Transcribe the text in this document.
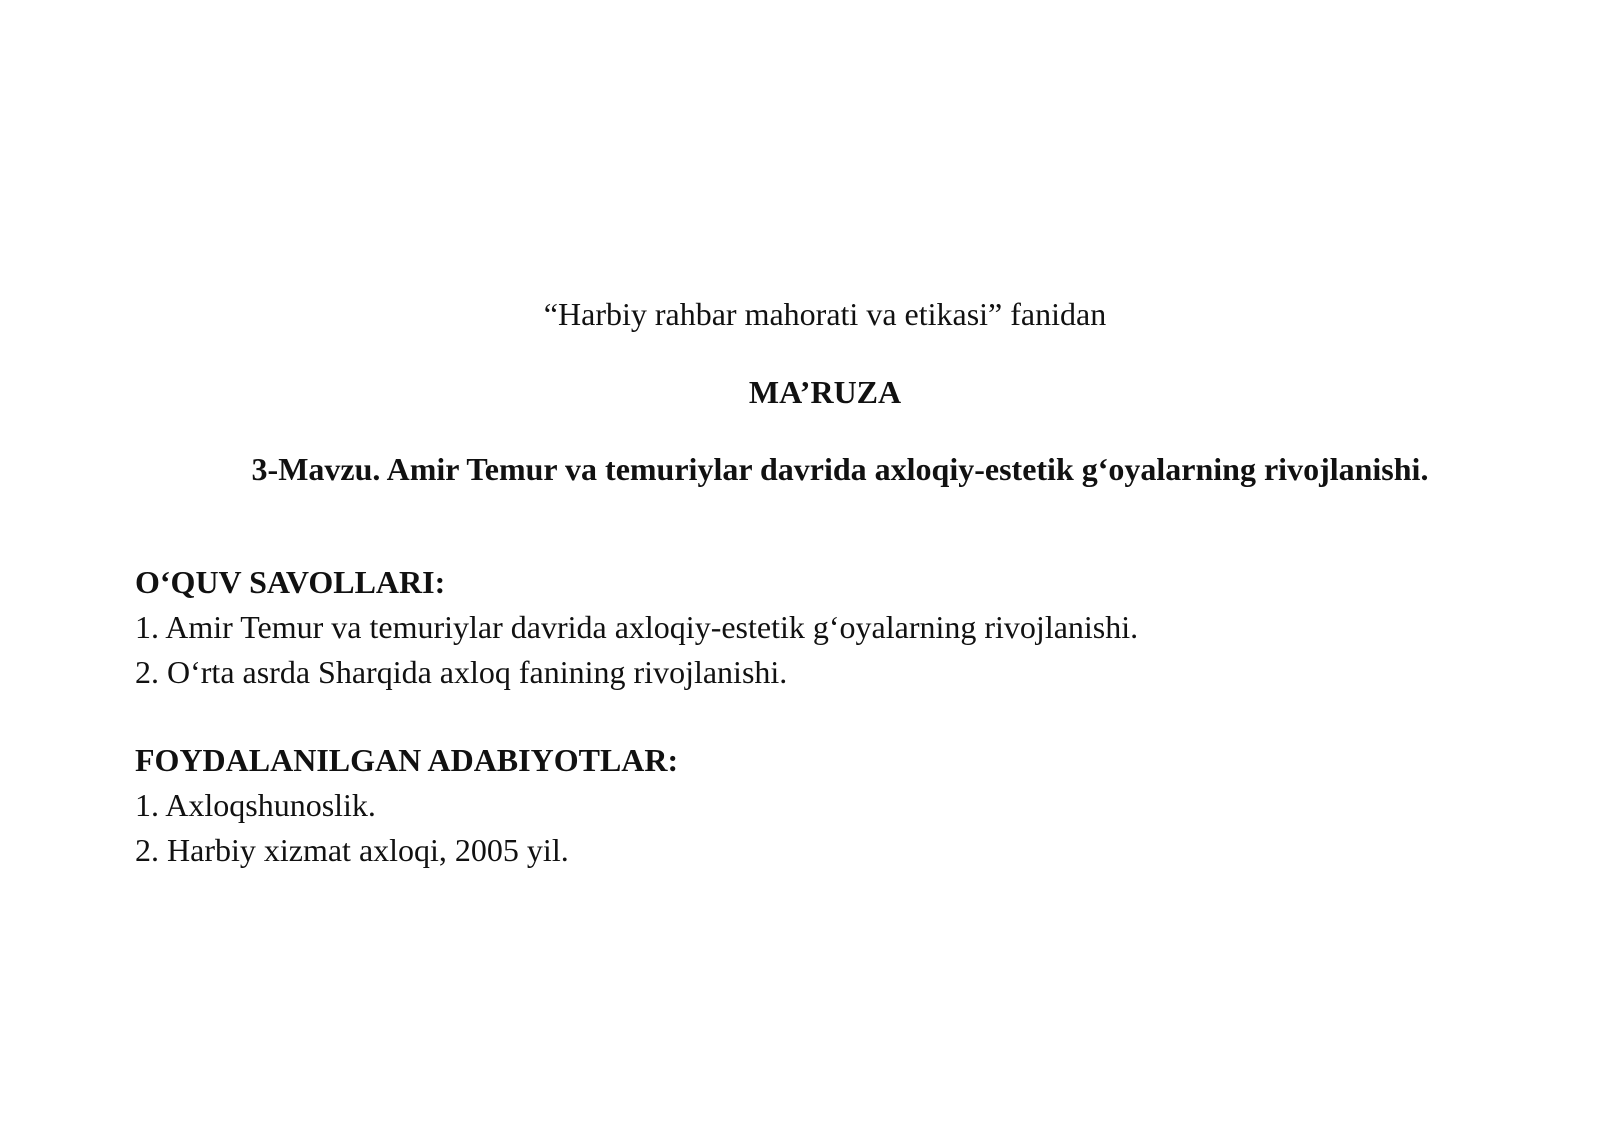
“Harbiy rahbar mahorati va etikasi” fanidan
MA’RUZA
3-Mavzu. Amir Temur va temuriylar davrida axloqiy-estetik g‘oyalarning rivojlanishi.
O‘QUV SAVOLLARI:
1. Amir Temur va temuriylar davrida axloqiy-estetik g‘oyalarning rivojlanishi.
2. O‘rta asrda Sharqida axloq fanining rivojlanishi.
FOYDALANILGAN ADABIYOTLAR:
1. Axloqshunoslik.
2. Harbiy xizmat axloqi, 2005 yil.
